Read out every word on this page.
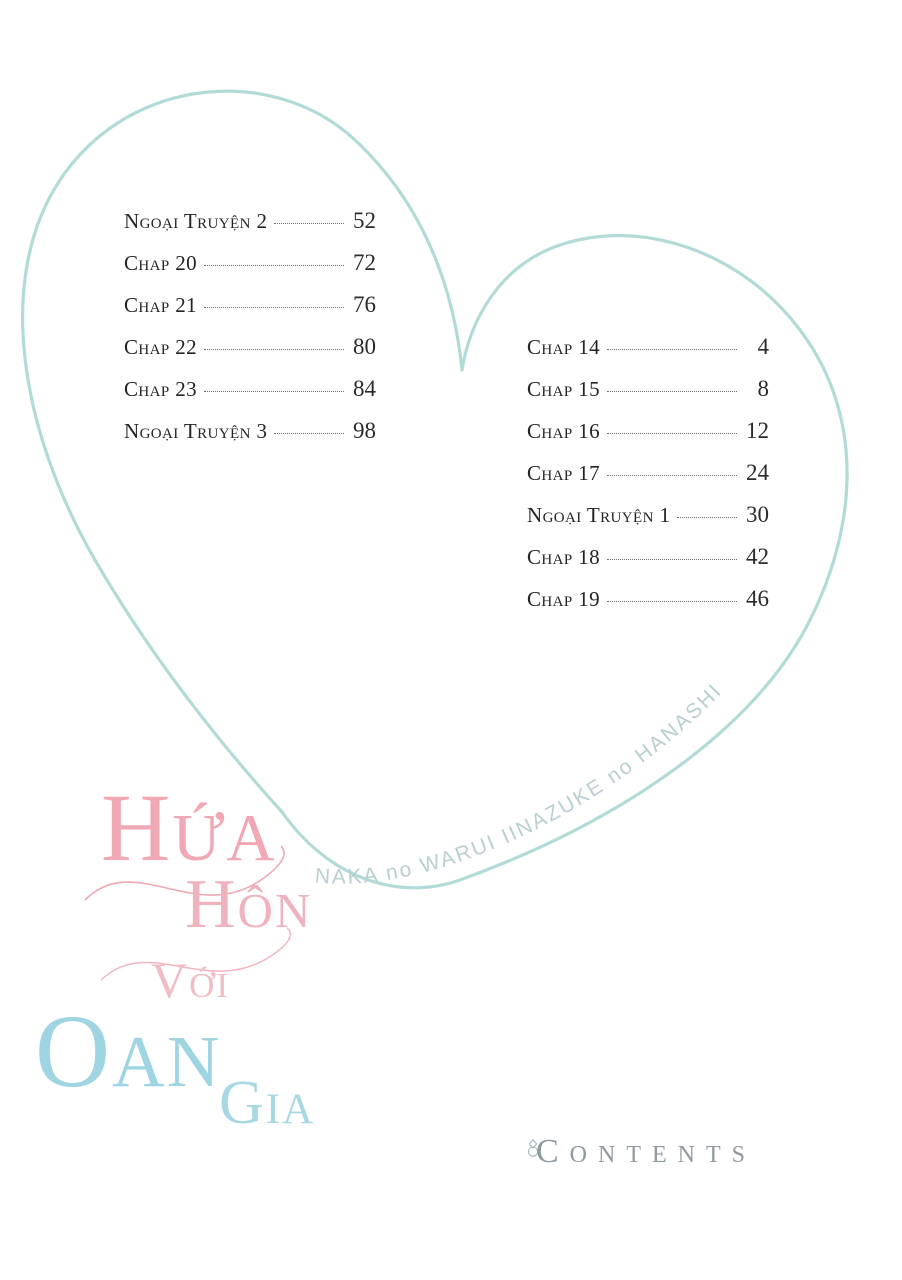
NAKA no WARUI IINAZUKE no HANASHI
Ngoại Truyện 2	52
Chap 20	72
Chap 21	76
Chap 22	80
Chap 23	84
Ngoại Truyện 3	98
Chap 14	4
Chap 15	8
Chap 16	12
Chap 17	24
Ngoại Truyện 1	30
Chap 18	42
Chap 19	46
Hứa
Hôn
Với
Oan
Gia
Contents
